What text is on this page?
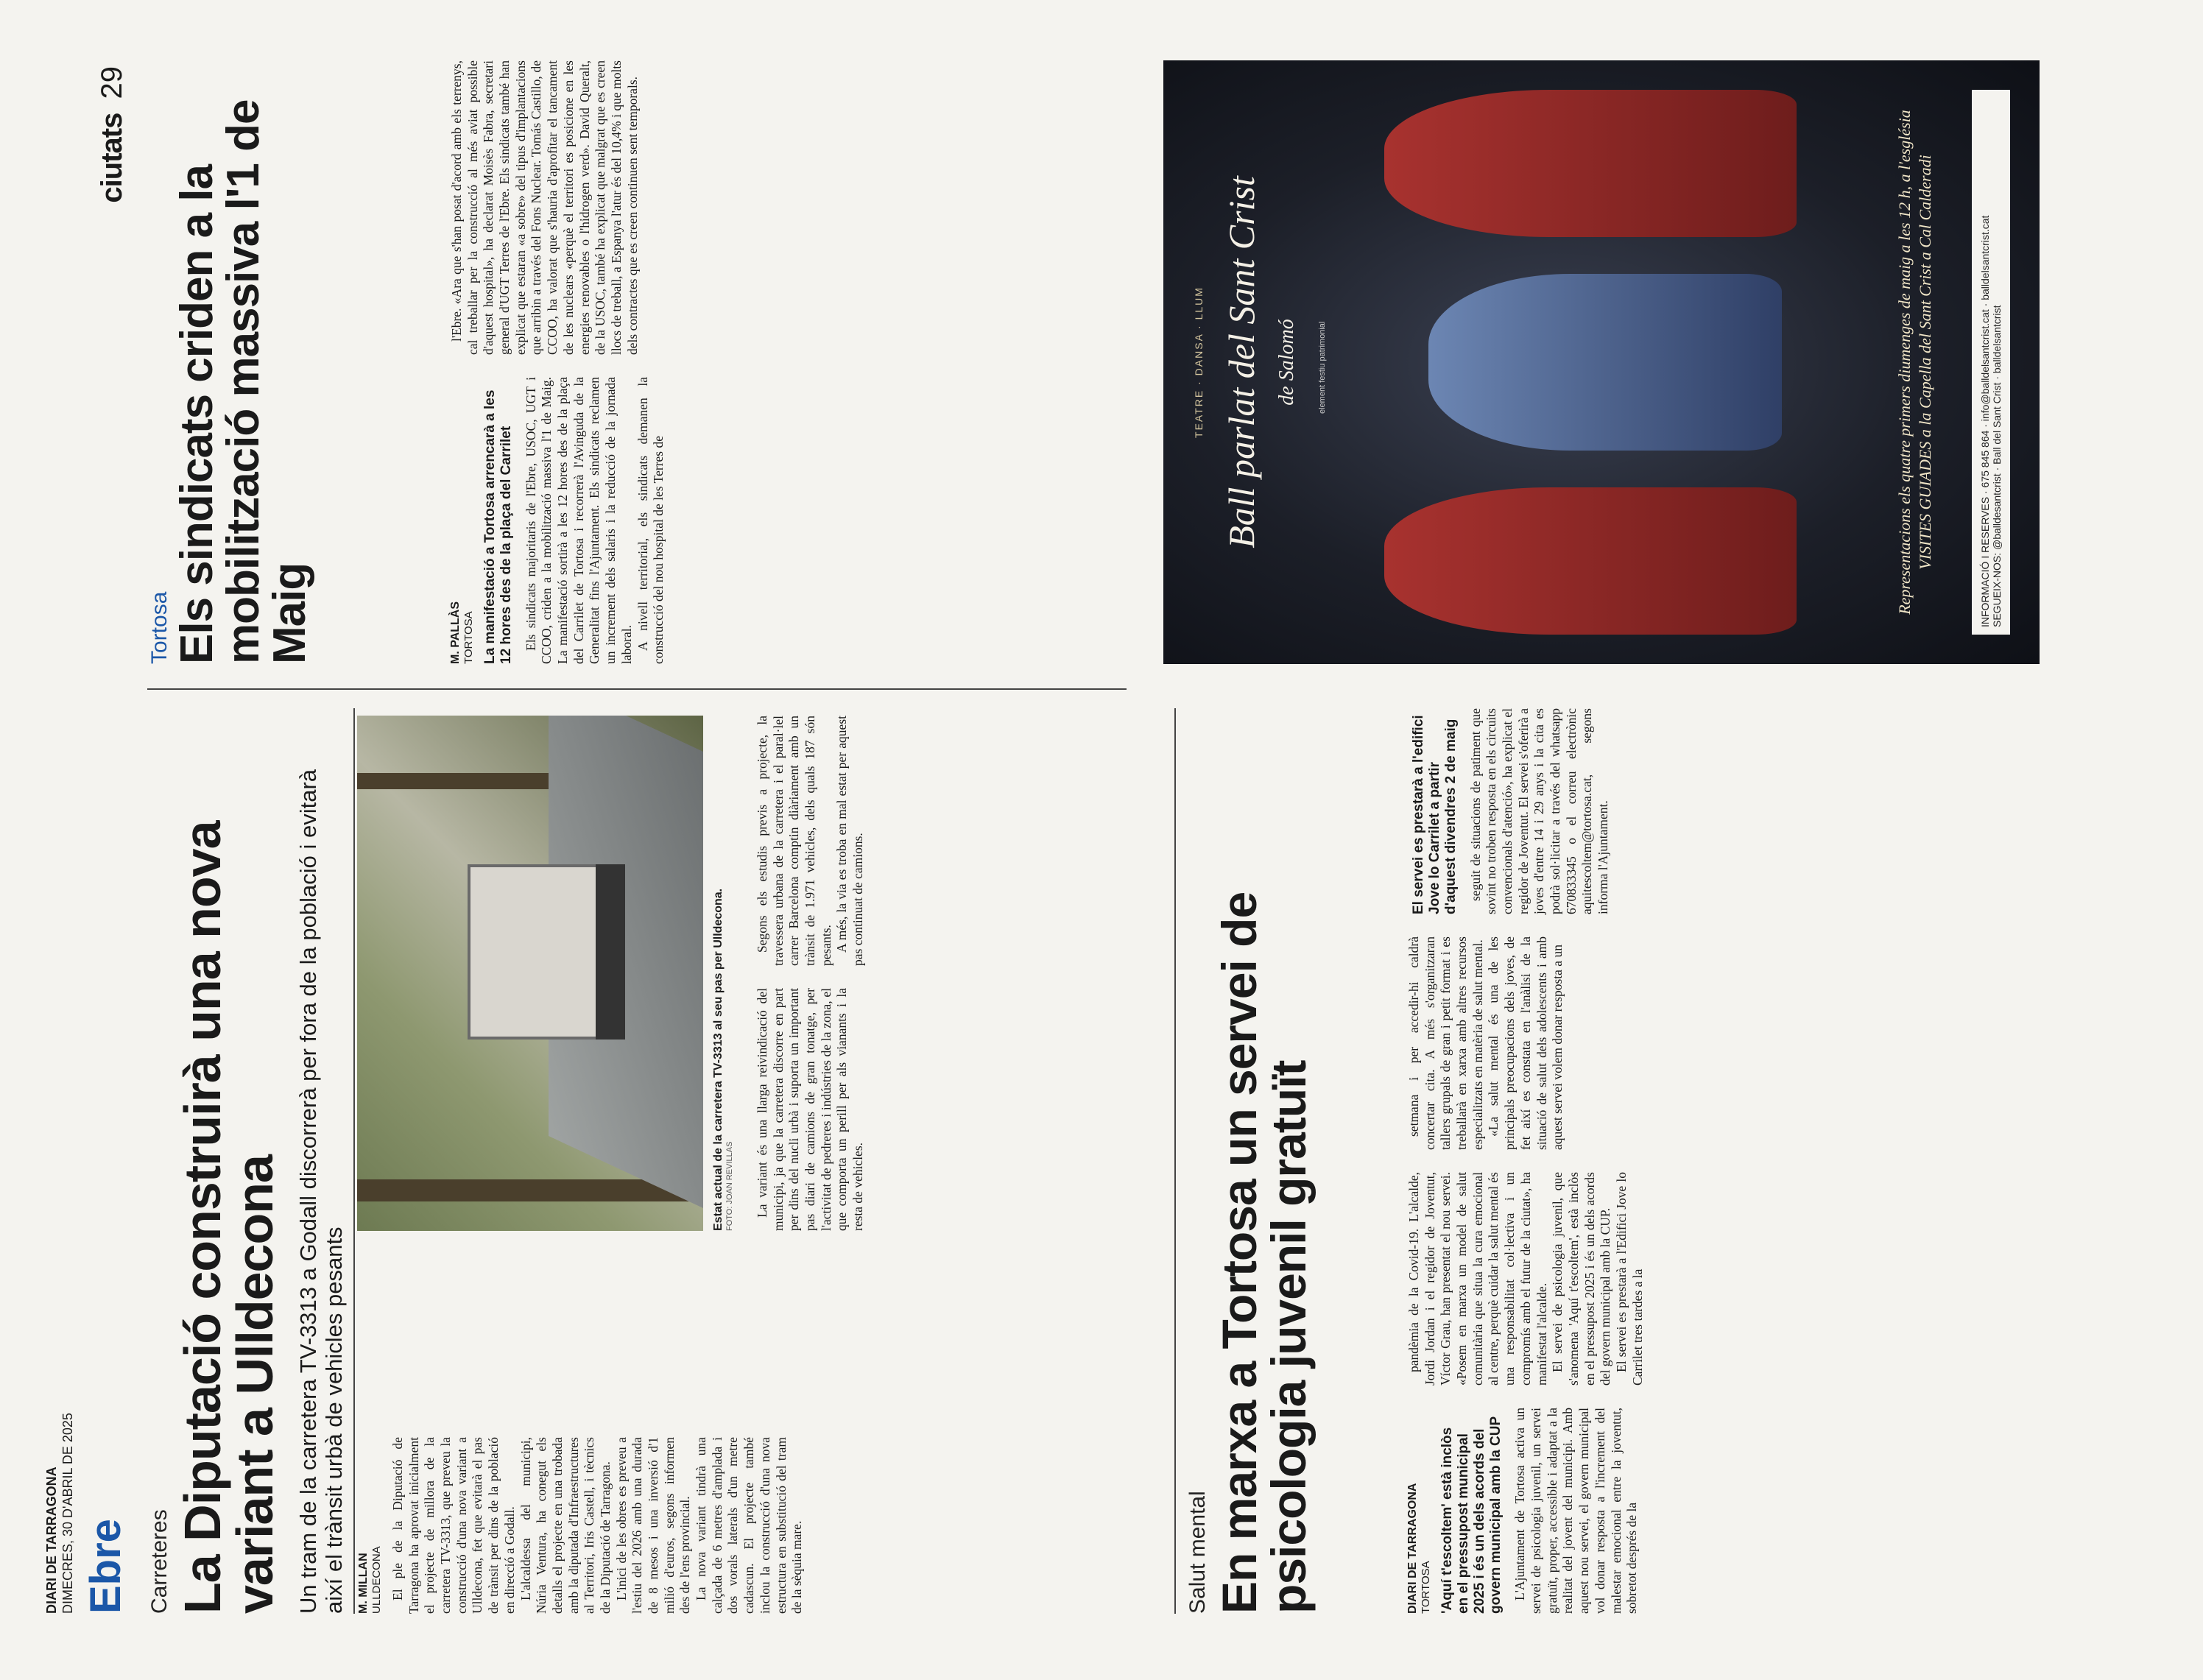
DIARI DE TARRAGONA DIMECRES, 30 D'ABRIL DE 2025 Ebre
ciutats 29
Carreteres La Diputació construirà una nova variant a Ulldecona Un tram de la carretera TV-3313 a Godall discorrerà per fora de la població i evitarà així el trànsit urbà de vehicles pesants M. MILLAN ULLDECONA El ple de la Diputació de Tarragona ha aprovat inicialment el projecte de millora de la carretera TV-3313, que preveu la construcció d'una nova variant a Ulldecona, fet que evitarà el pas de trànsit per dins de la població en direcció a Godall. L'alcaldessa del municipi, Núria Ventura, ha conegut els detalls el projecte en una trobada amb la diputada d'Infraestructures al Territori, Iris Castell, i tècnics de la Diputació de Tarragona. L'inici de les obres es preveu a l'estiu del 2026 amb una durada de 8 mesos i una inversió d'1 milió d'euros, segons informen des de l'ens provincial. La nova variant tindrà una calçada de 6 metres d'amplada i dos vorals laterals d'un metre cadascun. El projecte també inclou la construcció d'una nova estructura en substitució del tram de la sèquia mare.

Estat actual de la carretera TV-3313 al seu pas per Ulldecona. FOTO: JOAN REVILLAS La variant és una llarga reivindicació del municipi, ja que la carretera discorre en part per dins del nucli urbà i suporta un important pas diari de camions de gran tonatge, per l'activitat de pedreres i indústries de la zona, el que comporta un perill per als vianants i la resta de vehicles.

Segons els estudis previs a projecte, la travessera urbana de la carretera i el paral·lel carrer Barcelona comptin diàriament amb un trànsit de 1.971 vehicles, dels quals 187 són pesants. A més, la via es troba en mal estat per aquest pas continuat de camions.

Tortosa Els sindicats criden a la mobilització massiva l'1 de Maig	M. PALLÀS TORTOSA La manifestació a Tortosa arrencarà a les 12 hores des de la plaça del Carrilet Els sindicats majoritaris de l'Ebre, USOC, UGT i CCOO, criden a la mobilització massiva l'1 de Maig. La manifestació sortirà a les 12 hores des de la plaça del Carrilet de Tortosa i recorrerà l'Avinguda de la Generalitat fins l'Ajuntament. Els sindicats reclamen un increment dels salaris i la reducció de la jornada laboral. A nivell territorial, els sindicats demanen la construcció del nou hospital de les Terres de

l'Ebre. «Ara que s'han posat d'acord amb els terrenys, cal treballar per la construcció al més aviat possible d'aquest hospital», ha declarat Moisès Fabra, secretari general d'UGT Terres de l'Ebre. Els sindicats també han explicat que estaran «a sobre» del tipus d'implantacions que arribin a través del Fons Nuclear. Tomás Castillo, de CCOO, ha valorat que s'hauria d'aprofitar el tancament de les nuclears «perquè el territori es posicione en les energies renovables o l'hidrogen verd». David Queralt, de la USOC, també ha explicat que malgrat que es creen llocs de treball, a Espanya l'atur és del 10,4% i que molts dels contractes que es creen continuen sent temporals.

TEATRE · DANSA · LLUM Ball parlat del Sant Crist de Salomó	element festiu patrimonial	Representacions els quatre primers diumenges de maig a les 12 h, a l'església VISITES GUIADES a la Capella del Sant Crist a Cal Calderadi	INFORMACIÓ I RESERVES · 675 845 864 · info@balldelsantcrist.cat · balldelsantcrist.cat SEGUEIX-NOS: @balldesantcrist · Ball del Sant Crist · balldelsantcrist
Salut mental En marxa a Tortosa un servei de psicologia juvenil gratuït	DIARI DE TARRAGONA TORTOSA 'Aquí t'escoltem' està inclòs en el pressupost municipal 2025 i és un dels acords del govern municipal amb la CUP L'Ajuntament de Tortosa activa un servei de psicologia juvenil, un servei gratuït, proper, accessible i adaptat a la realitat del jovent del municipi. Amb aquest nou servei, el govern municipal vol donar resposta a l'increment del malestar emocional entre la joventut, sobretot després de la

pandèmia de la Covid-19. L'alcalde, Jordi Jordan i el regidor de Joventut, Víctor Grau, han presentat el nou servei. «Posem en marxa un model de salut comunitària que situa la cura emocional al centre, perquè cuidar la salut mental és una responsabilitat col·lectiva i un compromís amb el futur de la ciutat», ha manifestat l'alcalde. El servei de psicologia juvenil, que s'anomena 'Aquí t'escoltem', està inclòs en el pressupost 2025 i és un dels acords del govern municipal amb la CUP. El servei es prestarà a l'Edifici Jove lo Carrilet tres tardes a la

setmana i per accedir-hi caldrà concertar cita. A més s'organitzaran tallers grupals de gran i petit format i es treballarà en xarxa amb altres recursos especialitzats en matèria de salut mental. «La salut mental és una de les principals preocupacions dels joves, de fet així es constata en l'anàlisi de la situació de salut dels adolescents i amb aquest servei volem donar resposta a un

El servei es prestarà a l'edifici Jove lo Carrilet a partir d'aquest divendres 2 de maig seguit de situacions de patiment que sovint no troben resposta en els circuits convencionals d'atenció», ha explicat el regidor de Joventut. El servei s'oferirà a joves d'entre 14 i 29 anys i la cita es podrà sol·licitar a través del whatsapp 670833345 o el correu electrònic aquitescoltem@tortosa.cat, segons informa l'Ajuntament.
